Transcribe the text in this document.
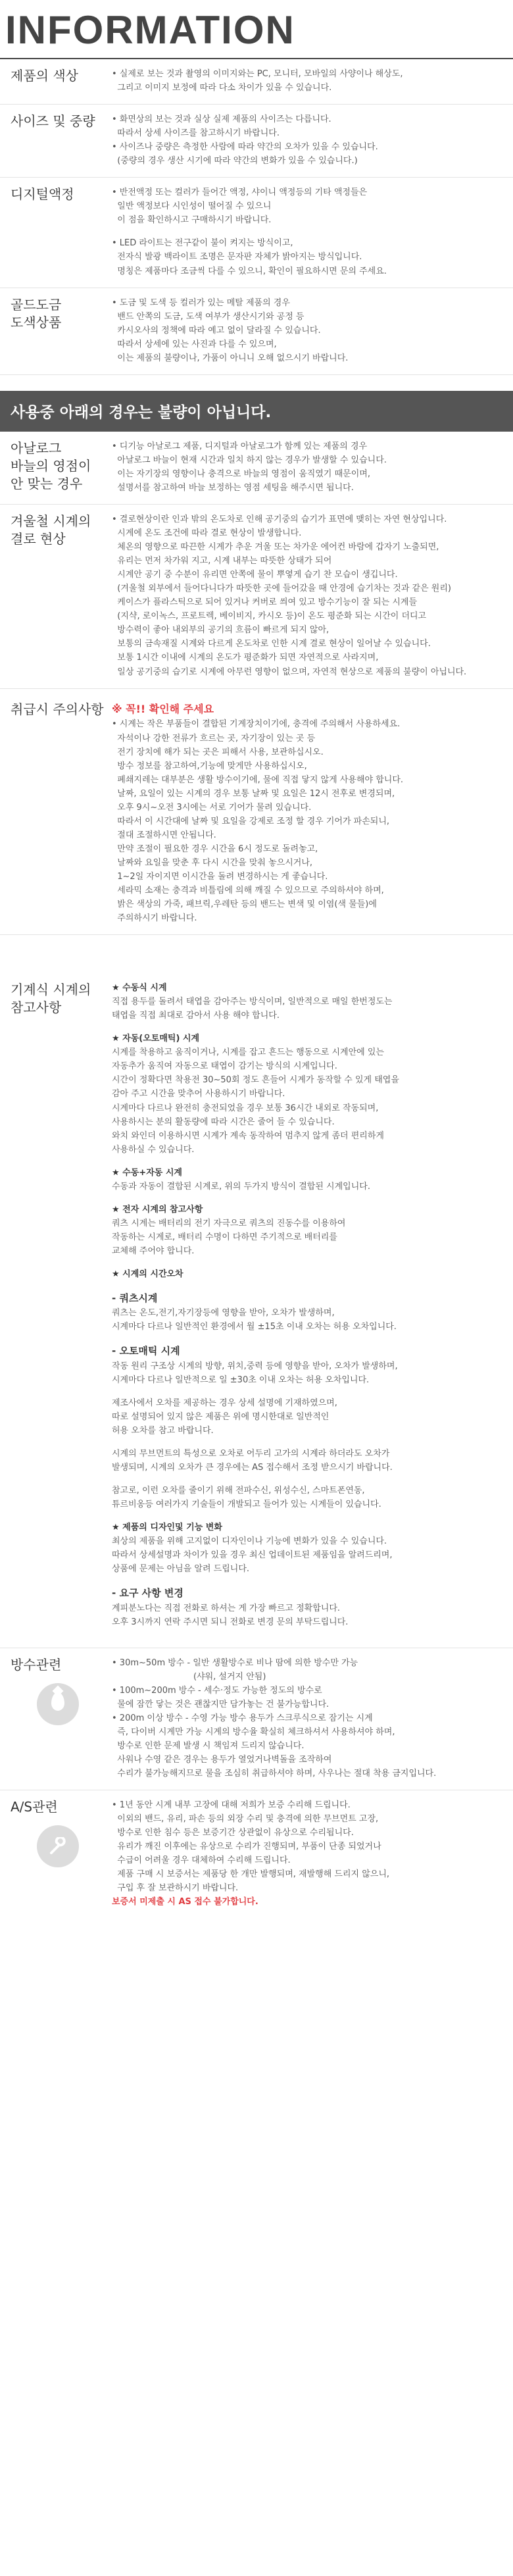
INFORMATION
제품의 색상	• 실제로 보는 것과 촬영의 이미지와는 PC, 모니터, 모바일의 사양이나 해상도,

그리고 이미지 보정에 따라 다소 차이가 있을 수 있습니다.

사이즈 및 중량	• 화면상의 보는 것과 실상 실제 제품의 사이즈는 다릅니다.

따라서 상세 사이즈를 참고하시기 바랍니다.

• 사이즈나 중량은 측정한 사람에 따라 약간의 오차가 있을 수 있습니다.

(중량의 경우 생산 시기에 따라 약간의 변화가 있을 수 있습니다.)

디지털액정	• 반전액정 또는 컬러가 들어간 액정, 샤이니 액정등의 기타 액정들은

일반 액정보다 시인성이 떨어질 수 있으니

이 점을 확인하시고 구매하시기 바랍니다.

• LED 라이트는 전구같이 불이 켜지는 방식이고,

전자식 발광 백라이트 조명은 문자판 자체가 밝아지는 방식입니다.

명칭은 제품마다 조금씩 다를 수 있으니, 확인이 필요하시면 문의 주세요.

골드도금
도색상품

• 도금 및 도색 등 컬러가 있는 메탈 제품의 경우

밴드 안쪽의 도금, 도색 여부가 생산시기와 공정 등

카시오사의 정책에 따라 예고 없이 달라질 수 있습니다.

따라서 상세에 있는 사진과 다를 수 있으며,

이는 제품의 불량이나, 가품이 아니니 오해 없으시기 바랍니다.

사용중 아래의 경우는 불량이 아닙니다.
아날로그
바늘의 영점이
안 맞는 경우

• 디기능 아날로그 제품, 디지털과 아날로그가 함께 있는 제품의 경우

아날로그 바늘이 현재 시간과 일치 하지 않는 경우가 발생할 수 있습니다.

이는 자기장의 영향이나 충격으로 바늘의 영점이 움직였기 때문이며,

설명서를 참고하여 바늘 보정하는 영점 세팅을 해주시면 됩니다.

겨울철 시계의
결로 현상

• 결로현상이란 인과 밖의 온도차로 인해 공기중의 습기가 표면에 맺히는 자연 현상입니다.

시계에 온도 조건에 따라 결로 현상이 발생합니다.

체온의 영향으로 따끈한 시계가 추운 겨울 또는 차가운 에어컨 바람에 갑자기 노출되면,

유리는 먼저 차가워 지고, 시계 내부는 따뜻한 상태가 되어

시계안 공기 중 수분이 유리면 안쪽에 물이 뿌옇게 습기 찬 모습이 생깁니다.

(겨울철 외부에서 들어다니다가 따뜻한 곳에 들어갔을 때 안경에 습기차는 것과 같은 원리)

케이스가 플라스틱으로 되어 있거나 커버로 씌여 있고 방수기능이 잘 되는 시계들

(지샥, 로이녹스, 프로트렉, 베이비지, 카시오 등)이 온도 평준화 되는 시간이 더디고

방수력이 좋아 내외부의 공기의 흐름이 빠르게 되지 않아,

보통의 금속재질 시계와 다르게 온도차로 인한 시계 결로 현상이 일어날 수 있습니다.

보통 1시간 이내에 시계의 온도가 평준화가 되면 자연적으로 사라지며,

일상 공기중의 습기로 시계에 아무런 영향이 없으며, 자연적 현상으로 제품의 불량이 아닙니다.

취급시 주의사항 ※ 꼭!! 확인해 주세요

• 시계는 작은 부품들이 결합된 기계장치이기에, 충격에 주의해서 사용하세요.

자석이나 강한 전류가 흐르는 곳, 자기장이 있는 곳 등

전기 장치에 해가 되는 곳은 피해서 사용, 보관하십시오.

방수 정보를 참고하여,기능에 맞게만 사용하십시오,

폐쇄지레는 대부분은 생활 방수이기에, 물에 직접 닿지 않게 사용해야 합니다.

날짜, 요일이 있는 시계의 경우 보통 날짜 및 요일은 12시 전후로 변경되며,

오후 9시~오전 3시에는 서로 기어가 물려 있습니다.

따라서 이 시간대에 날짜 및 요일을 강제로 조정 할 경우 기어가 파손되니,

절대 조절하시면 안됩니다.

만약 조절이 필요한 경우 시간을 6시 정도로 돌려놓고,

날짜와 요일을 맞춘 후 다시 시간을 맞춰 놓으시거나,

1~2일 자이지면 이시간을 돌려 변경하시는 게 좋습니다.

세라믹 소재는 충격과 비틀림에 의해 깨질 수 있으므로 주의하셔야 하며,

밝은 색상의 가죽, 패브릭,우레탄 등의 밴드는 변색 및 이염(색 물들)에

주의하시기 바랍니다.

기계식 시계의
참고사항

★ 수동식 시계

직접 용두를 돌려서 태엽을 감아주는 방식이며, 일반적으로 매일 한번정도는

태엽을 직접 최대로 감아서 사용 해야 합니다.

★ 자동(오토매틱) 시계

시계를 착용하고 움직이거나, 시계를 잡고 흔드는 행동으로 시계안에 있는

자동추가 움직여 자동으로 태엽이 감기는 방식의 시계입니다.

시간이 정확다면 착용전 30~50회 정도 흔들어 시계가 동작할 수 있게 태엽을

감아 주고 시간을 맞추어 사용하시기 바랍니다.

시계마다 다르나 완전히 충전되었을 경우 보통 36시간 내외로 작동되며,

사용하시는 분의 활동량에 따라 시간은 줄어 들 수 있습니다.

와치 와인더 이용하시면 시계가 계속 동작하여 멈추지 않게 좀더 편리하게

사용하실 수 있습니다.

★ 수동+자동 시계

수동과 자동이 결합된 시계로, 위의 두가지 방식이 결합된 시계입니다.

★ 전자 시계의 참고사항

쿼츠 시계는 배터리의 전기 자극으로 쿼츠의 진동수를 이용하여

작동하는 시계로, 배터리 수명이 다하면 주기적으로 배터리를

교체해 주어야 합니다.

★ 시계의 시간오차

- 쿼츠시계

쿼츠는 온도,전기,자기장등에 영향을 받아, 오차가 발생하며,

시계마다 다르나 일반적인 환경에서 월 ±15초 이내 오차는 허용 오차입니다.

- 오토매틱 시계

작동 원리 구조상 시계의 방향, 위치,중력 등에 영향을 받아, 오차가 발생하며,

시계마다 다르나 일반적으로 일 ±30초 이내 오차는 허용 오차입니다.

제조사에서 오차를 제공하는 경우 상세 설명에 기재하였으며,

따로 설명되어 있지 않은 제품은 위에 명시한대로 일반적인

허용 오차를 참고 바랍니다.

시계의 무브먼트의 특성으로 오차로 어두리 고가의 시계라 하더라도 오차가

발생되며, 시계의 오차가 큰 경우에는 AS 접수해서 조정 받으시기 바랍니다.

참고로, 이런 오차를 줄이기 위해 전파수신, 위성수신, 스마트폰연동,

튜르비옹등 여러가지 기술들이 개발되고 들어가 있는 시계들이 있습니다.

★ 제품의 디자인및 기능 변화

최상의 제품을 위해 고지없이 디자인이나 기능에 변화가 있을 수 있습니다.

따라서 상세설명과 차이가 있을 경우 최신 업데이트된 제품임을 알려드리며,

상품에 문제는 아님을 알려 드립니다.

- 요구 사항 변경

계피분노다는 직접 전화로 하셔는 게 가장 빠르고 정확합니다.

오후 3시까지 연락 주시면 되니 전화로 변경 문의 부탁드립니다.

방수관련	• 30m~50m 방수 - 일반 생활방수로 비나 땀에 의한 방수만 가능

(샤워, 설거지 안됨)

• 100m~200m 방수 - 세수·정도 가능한 정도의 방수로

물에 잠깐 닿는 것은 괜찮지만 담가놓는 건 불가능합니다.

• 200m 이상 방수 - 수영 가능 방수 용두가 스크루식으로 잠기는 시계

즉, 다이버 시계만 가능 시계의 방수율 확실히 체크하셔서 사용하셔야 하며,

방수로 인한 문제 발생 시 책임져 드리지 않습니다.

사워나 수영 같은 경우는 용두가 열었거나벽돌을 조작하여

수리가 불가능해지므로 물을 조심히 취급하셔야 하며, 사우나는 절대 착용 금지입니다.

A/S관련	• 1년 동안 시계 내부 고장에 대해 저희가 보증 수리해 드립니다.

이외의 밴드, 유리, 파손 등의 외장 수리 및 충격에 의한 무브먼트 고장,

방수로 인한 침수 등은 보증기간 상관없이 유상으로 수리됩니다.

유리가 깨진 이후에는 유상으로 수리가 진행되며, 부품이 단종 되었거나

수급이 어려울 경우 대체하여 수리해 드립니다.

제품 구매 시 보증서는 제품당 한 개만 발행되며, 재발행해 드리지 않으니,

구입 후 잘 보관하시기 바랍니다.

보증서 미제출 시 AS 접수 불가합니다.
